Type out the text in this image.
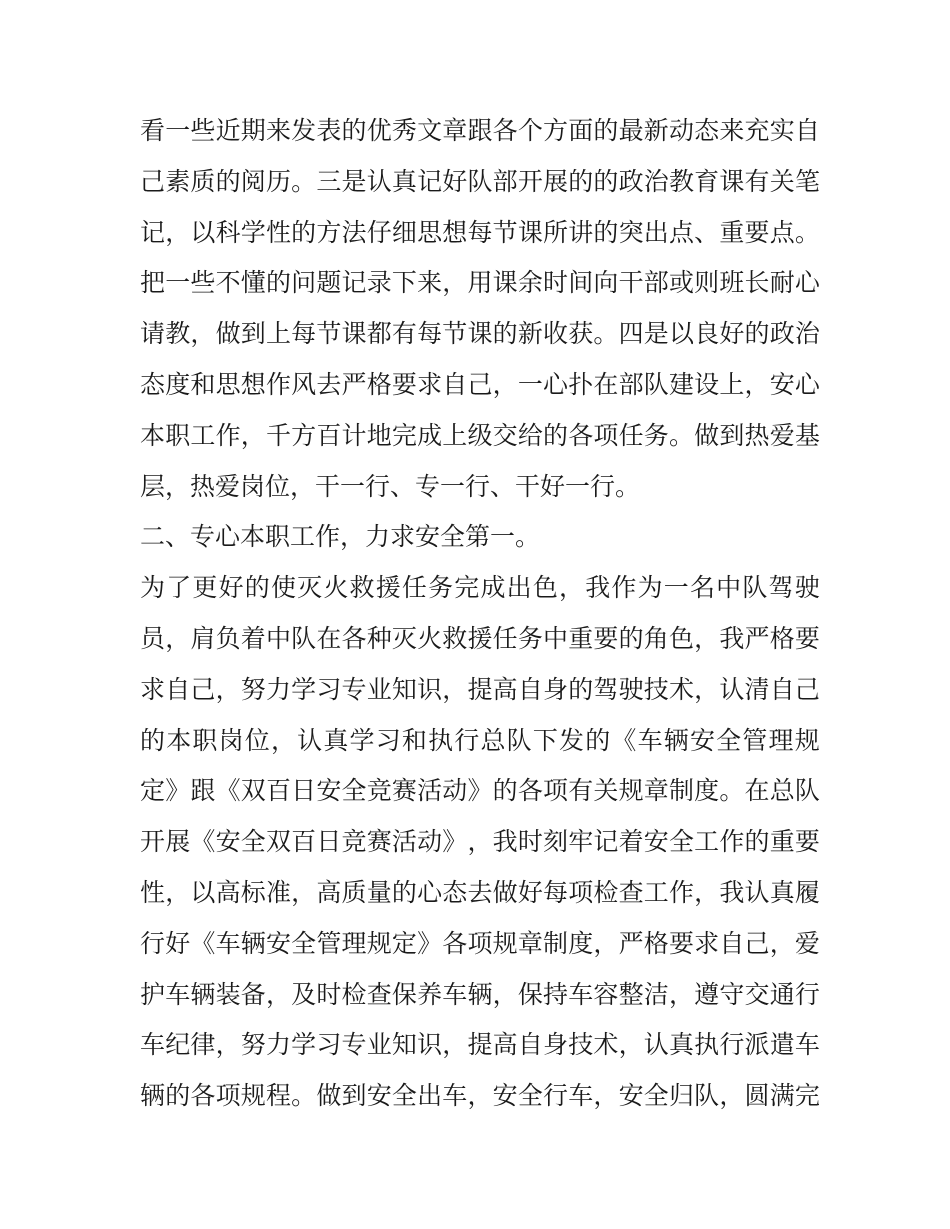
看 一 些 近 期 来 发 表 的 优 秀 文 章 跟 各 个 方 面 的 最 新 动 态 来 充 实 自
己 素 质 的 阅 历 。 三 是 认 真 记 好 队 部 开 展 的 的 政 治 教 育 课 有 关 笔
记 ， 以 科 学 性 的 方 法 仔 细 思 想 每 节 课 所 讲 的 突 出 点 、 重 要 点 。
把 一 些 不 懂 的 问 题 记 录 下 来 ， 用 课 余 时 间 向 干 部 或 则 班 长 耐 心
请 教 ， 做 到 上 每 节 课 都 有 每 节 课 的 新 收 获 。 四 是 以 良 好 的 政 治
态 度 和 思 想 作 风 去 严 格 要 求 自 己 ， 一 心 扑 在 部 队 建 设 上 ， 安 心
本 职 工 作 ， 千 方 百 计 地 完 成 上 级 交 给 的 各 项 任 务 。 做 到 热 爱 基
层，热爱岗位，干一行、专一行、干好一行。
二、专心本职工作，力求安全第一。
为 了 更 好 的 使 灭 火 救 援 任 务 完 成 出 色 ， 我 作 为 一 名 中 队 驾 驶
员 ， 肩 负 着 中 队 在 各 种 灭 火 救 援 任 务 中 重 要 的 角 色 ， 我 严 格 要
求 自 己 ， 努 力 学 习 专 业 知 识 ， 提 高 自 身 的 驾 驶 技 术 ， 认 清 自 己
的 本 职 岗 位 ， 认 真 学 习 和 执 行 总 队 下 发 的 《 车 辆 安 全 管 理 规
定 》 跟 《 双 百 日 安 全 竞 赛 活 动 》 的 各 项 有 关 规 章 制 度 。 在 总 队
开 展 《 安 全 双 百 日 竞 赛 活 动 》 ， 我 时 刻 牢 记 着 安 全 工 作 的 重 要
性 ， 以 高 标 准 ， 高 质 量 的 心 态 去 做 好 每 项 检 查 工 作 ， 我 认 真 履
行 好 《 车 辆 安 全 管 理 规 定 》 各 项 规 章 制 度 ， 严 格 要 求 自 己 ， 爱
护 车 辆 装 备 ， 及 时 检 查 保 养 车 辆 ， 保 持 车 容 整 洁 ， 遵 守 交 通 行
车 纪 律 ， 努 力 学 习 专 业 知 识 ， 提 高 自 身 技 术 ， 认 真 执 行 派 遣 车
辆 的 各 项 规 程 。 做 到 安 全 出 车 ， 安 全 行 车 ， 安 全 归 队 ， 圆 满 完
